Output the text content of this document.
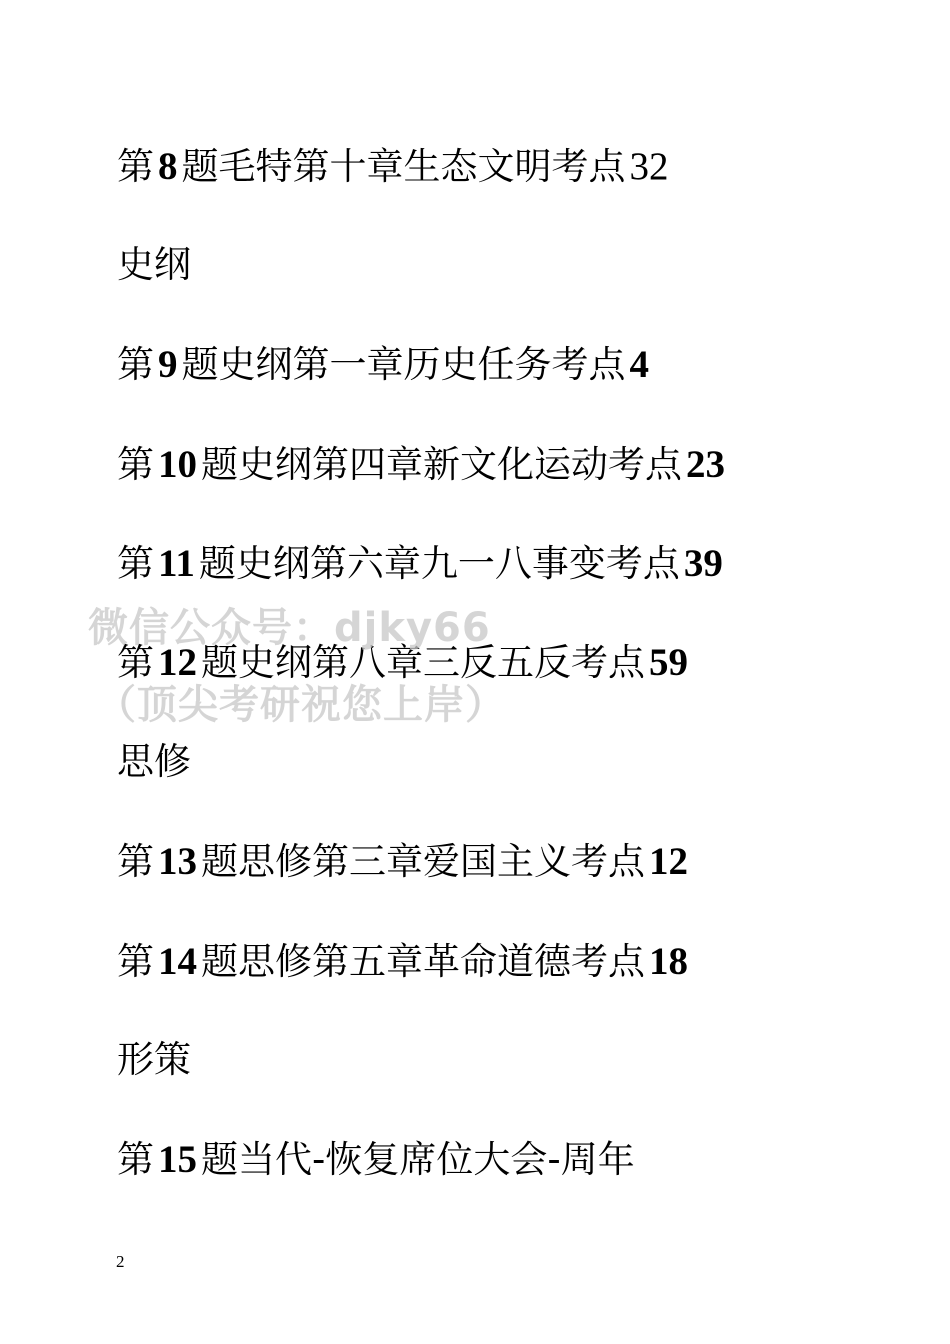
第 8 题毛特第十章生态文明考点 32
史纲
第 9 题史纲第一章历史任务考点 4
第 10 题史纲第四章新文化运动考点 23
第 11 题史纲第六章九一八事变考点 39
第 12 题史纲第八章三反五反考点 59
思修
第 13 题思修第三章爱国主义考点 12
第 14 题思修第五章革命道德考点 18
形策
第 15 题当代-恢复席位大会-周年
微信公众号：djky66
（顶尖考研祝您上岸）
2
